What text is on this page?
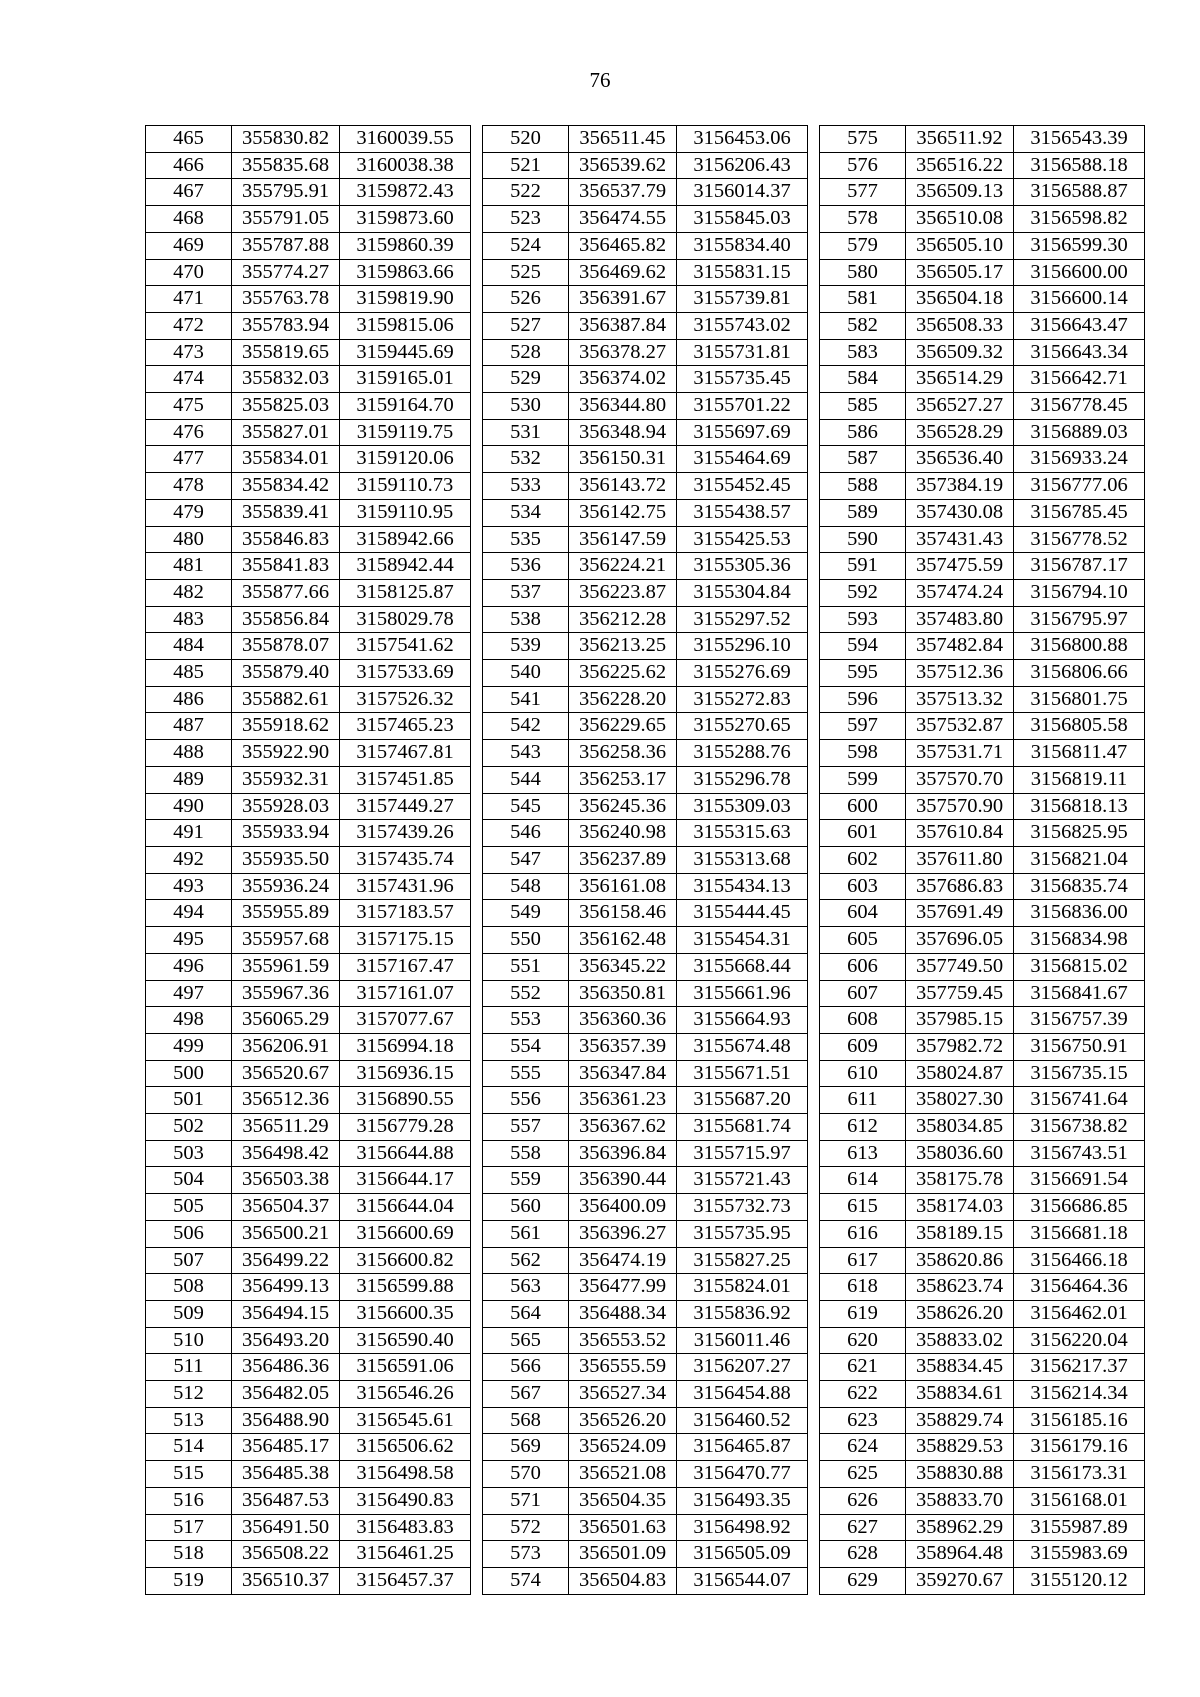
76
465	355830.82	3160039.55
466	355835.68	3160038.38
467	355795.91	3159872.43
468	355791.05	3159873.60
469	355787.88	3159860.39
470	355774.27	3159863.66
471	355763.78	3159819.90
472	355783.94	3159815.06
473	355819.65	3159445.69
474	355832.03	3159165.01
475	355825.03	3159164.70
476	355827.01	3159119.75
477	355834.01	3159120.06
478	355834.42	3159110.73
479	355839.41	3159110.95
480	355846.83	3158942.66
481	355841.83	3158942.44
482	355877.66	3158125.87
483	355856.84	3158029.78
484	355878.07	3157541.62
485	355879.40	3157533.69
486	355882.61	3157526.32
487	355918.62	3157465.23
488	355922.90	3157467.81
489	355932.31	3157451.85
490	355928.03	3157449.27
491	355933.94	3157439.26
492	355935.50	3157435.74
493	355936.24	3157431.96
494	355955.89	3157183.57
495	355957.68	3157175.15
496	355961.59	3157167.47
497	355967.36	3157161.07
498	356065.29	3157077.67
499	356206.91	3156994.18
500	356520.67	3156936.15
501	356512.36	3156890.55
502	356511.29	3156779.28
503	356498.42	3156644.88
504	356503.38	3156644.17
505	356504.37	3156644.04
506	356500.21	3156600.69
507	356499.22	3156600.82
508	356499.13	3156599.88
509	356494.15	3156600.35
510	356493.20	3156590.40
511	356486.36	3156591.06
512	356482.05	3156546.26
513	356488.90	3156545.61
514	356485.17	3156506.62
515	356485.38	3156498.58
516	356487.53	3156490.83
517	356491.50	3156483.83
518	356508.22	3156461.25
519	356510.37	3156457.37
520	356511.45	3156453.06
521	356539.62	3156206.43
522	356537.79	3156014.37
523	356474.55	3155845.03
524	356465.82	3155834.40
525	356469.62	3155831.15
526	356391.67	3155739.81
527	356387.84	3155743.02
528	356378.27	3155731.81
529	356374.02	3155735.45
530	356344.80	3155701.22
531	356348.94	3155697.69
532	356150.31	3155464.69
533	356143.72	3155452.45
534	356142.75	3155438.57
535	356147.59	3155425.53
536	356224.21	3155305.36
537	356223.87	3155304.84
538	356212.28	3155297.52
539	356213.25	3155296.10
540	356225.62	3155276.69
541	356228.20	3155272.83
542	356229.65	3155270.65
543	356258.36	3155288.76
544	356253.17	3155296.78
545	356245.36	3155309.03
546	356240.98	3155315.63
547	356237.89	3155313.68
548	356161.08	3155434.13
549	356158.46	3155444.45
550	356162.48	3155454.31
551	356345.22	3155668.44
552	356350.81	3155661.96
553	356360.36	3155664.93
554	356357.39	3155674.48
555	356347.84	3155671.51
556	356361.23	3155687.20
557	356367.62	3155681.74
558	356396.84	3155715.97
559	356390.44	3155721.43
560	356400.09	3155732.73
561	356396.27	3155735.95
562	356474.19	3155827.25
563	356477.99	3155824.01
564	356488.34	3155836.92
565	356553.52	3156011.46
566	356555.59	3156207.27
567	356527.34	3156454.88
568	356526.20	3156460.52
569	356524.09	3156465.87
570	356521.08	3156470.77
571	356504.35	3156493.35
572	356501.63	3156498.92
573	356501.09	3156505.09
574	356504.83	3156544.07
575	356511.92	3156543.39
576	356516.22	3156588.18
577	356509.13	3156588.87
578	356510.08	3156598.82
579	356505.10	3156599.30
580	356505.17	3156600.00
581	356504.18	3156600.14
582	356508.33	3156643.47
583	356509.32	3156643.34
584	356514.29	3156642.71
585	356527.27	3156778.45
586	356528.29	3156889.03
587	356536.40	3156933.24
588	357384.19	3156777.06
589	357430.08	3156785.45
590	357431.43	3156778.52
591	357475.59	3156787.17
592	357474.24	3156794.10
593	357483.80	3156795.97
594	357482.84	3156800.88
595	357512.36	3156806.66
596	357513.32	3156801.75
597	357532.87	3156805.58
598	357531.71	3156811.47
599	357570.70	3156819.11
600	357570.90	3156818.13
601	357610.84	3156825.95
602	357611.80	3156821.04
603	357686.83	3156835.74
604	357691.49	3156836.00
605	357696.05	3156834.98
606	357749.50	3156815.02
607	357759.45	3156841.67
608	357985.15	3156757.39
609	357982.72	3156750.91
610	358024.87	3156735.15
611	358027.30	3156741.64
612	358034.85	3156738.82
613	358036.60	3156743.51
614	358175.78	3156691.54
615	358174.03	3156686.85
616	358189.15	3156681.18
617	358620.86	3156466.18
618	358623.74	3156464.36
619	358626.20	3156462.01
620	358833.02	3156220.04
621	358834.45	3156217.37
622	358834.61	3156214.34
623	358829.74	3156185.16
624	358829.53	3156179.16
625	358830.88	3156173.31
626	358833.70	3156168.01
627	358962.29	3155987.89
628	358964.48	3155983.69
629	359270.67	3155120.12
